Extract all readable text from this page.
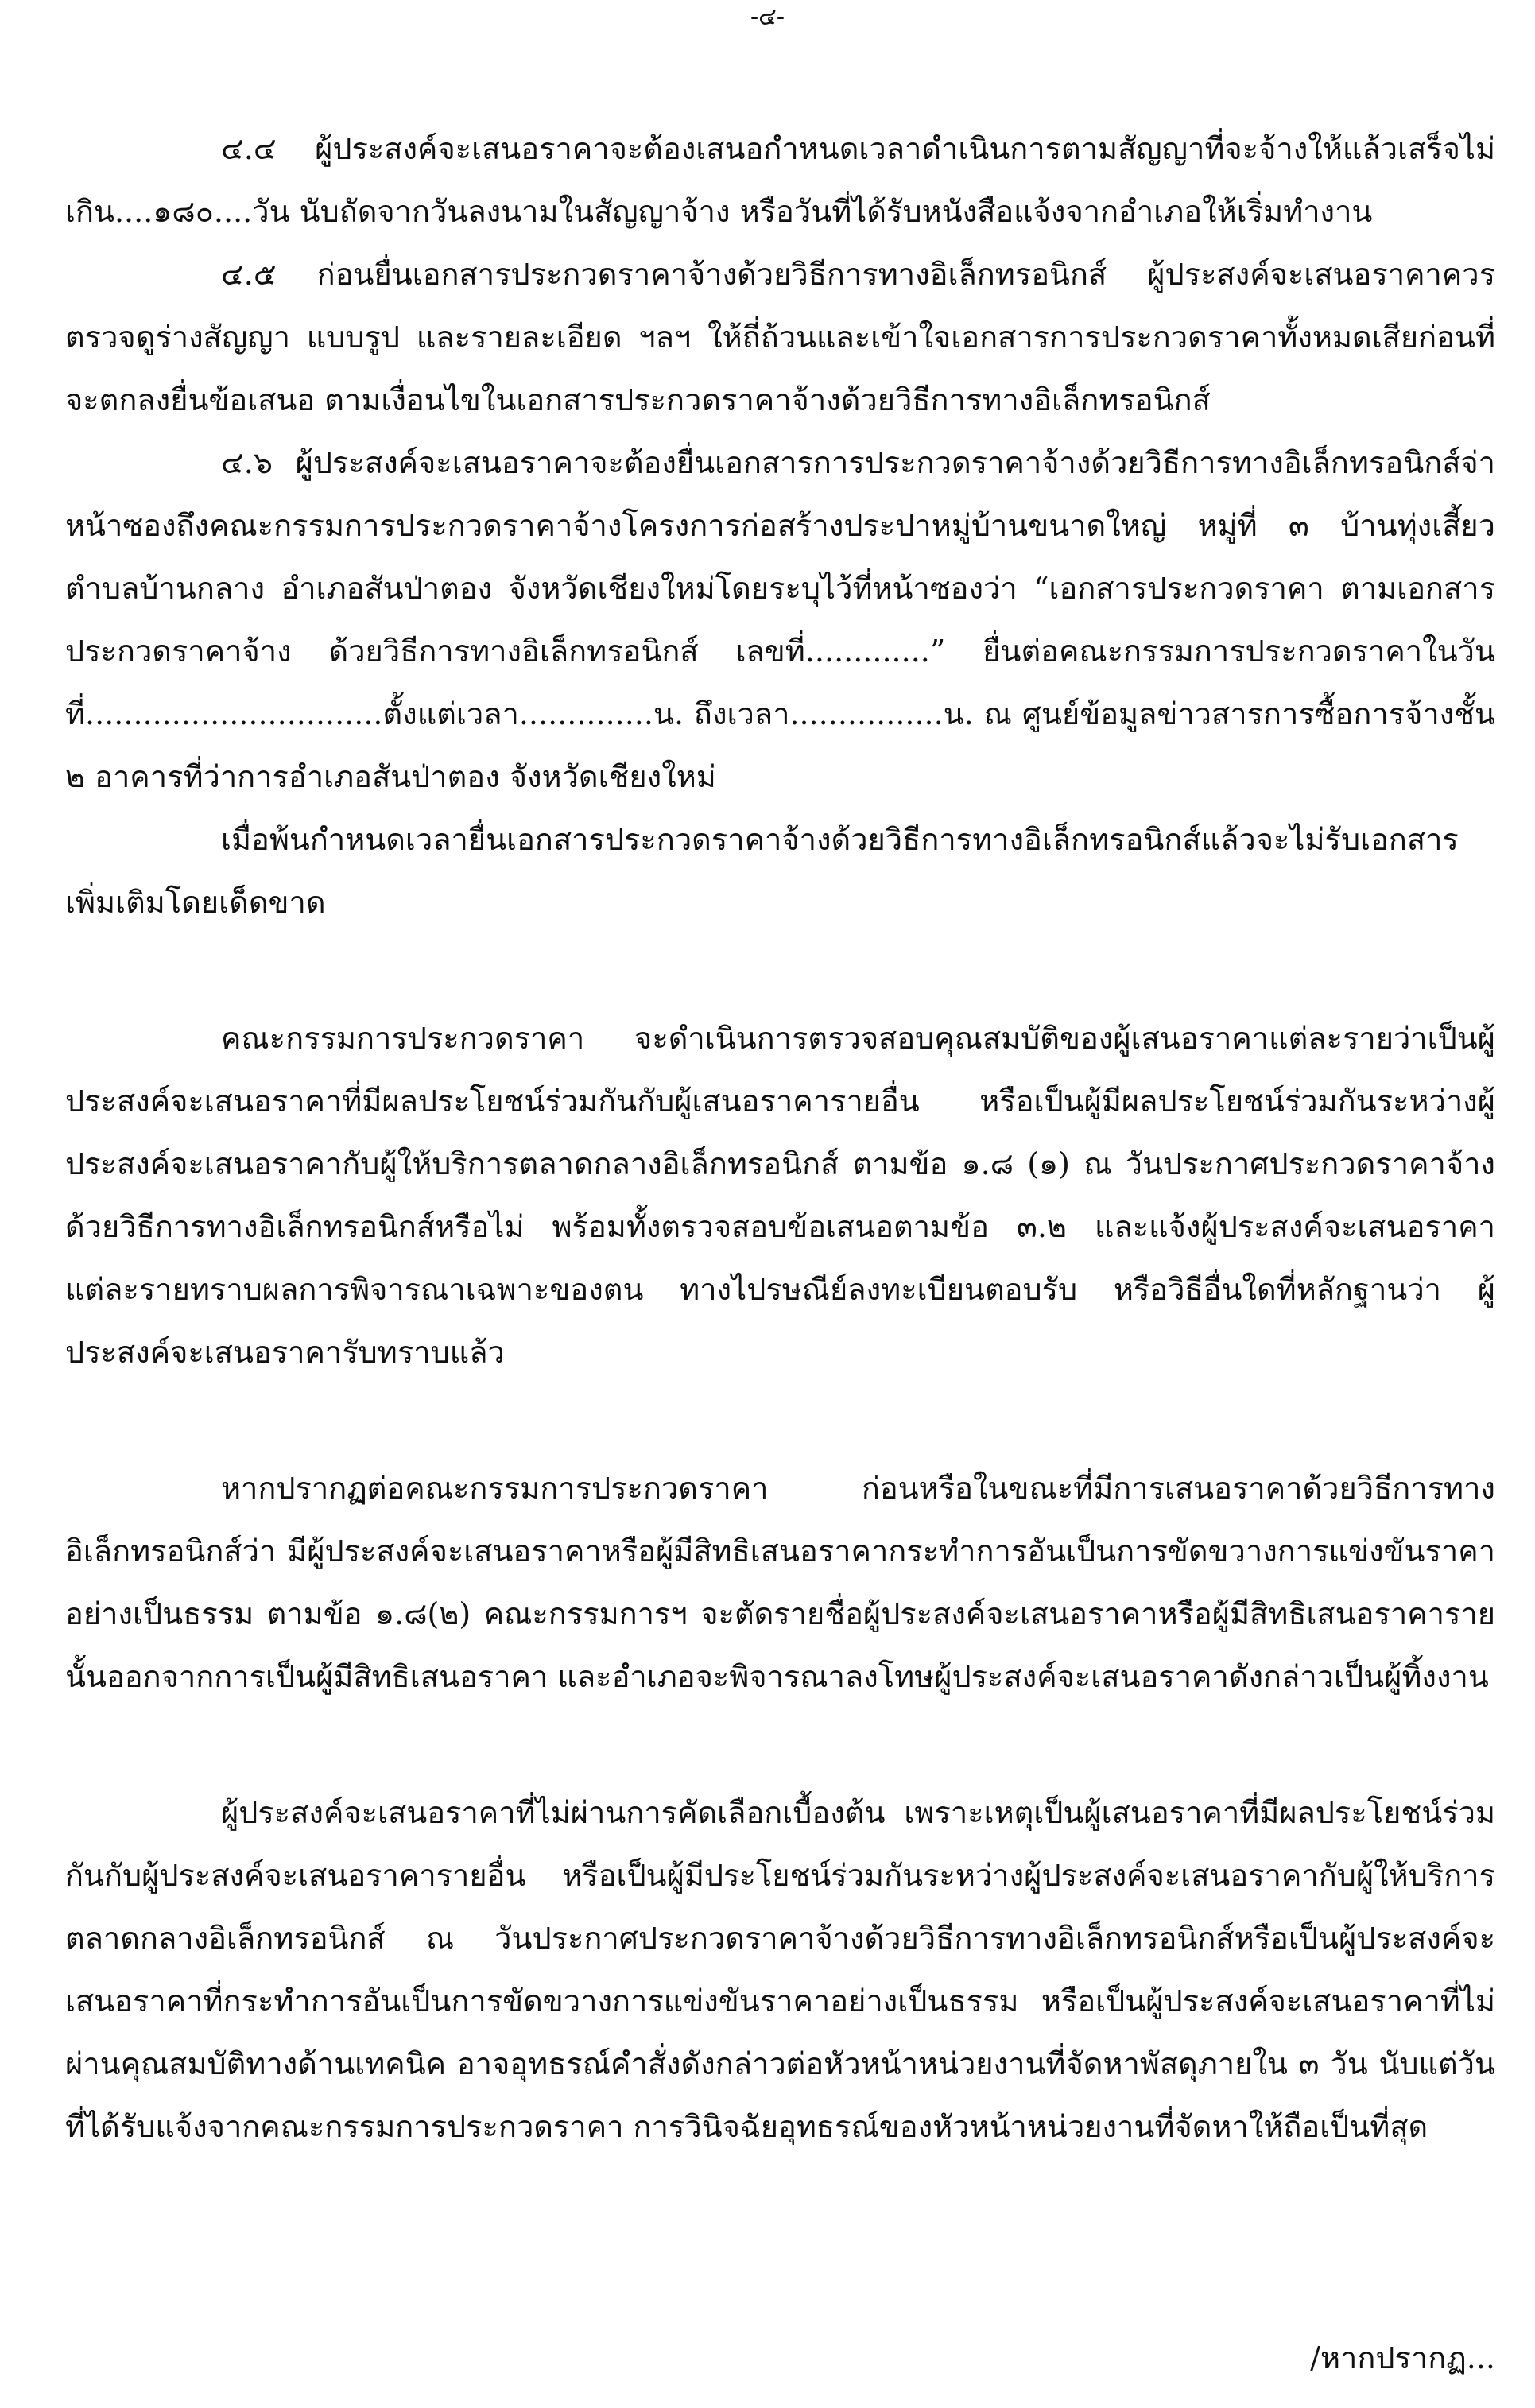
-๔-

๔.๔ ผู้ประสงค์จะเสนอราคาจะต้องเสนอกำหนดเวลาดำเนินการตามสัญญาที่จะจ้างให้แล้วเสร็จไม่เกิน....๑๘๐....วัน นับถัดจากวันลงนามในสัญญาจ้าง หรือวันที่ได้รับหนังสือแจ้งจากอำเภอให้เริ่มทำงาน

๔.๕ ก่อนยื่นเอกสารประกวดราคาจ้างด้วยวิธีการทางอิเล็กทรอนิกส์ ผู้ประสงค์จะเสนอราคาควรตรวจดูร่างสัญญา แบบรูป และรายละเอียด ฯลฯ ให้ถี่ถ้วนและเข้าใจเอกสารการประกวดราคาทั้งหมดเสียก่อนที่จะตกลงยื่นข้อเสนอ ตามเงื่อนไขในเอกสารประกวดราคาจ้างด้วยวิธีการทางอิเล็กทรอนิกส์

๔.๖ ผู้ประสงค์จะเสนอราคาจะต้องยื่นเอกสารการประกวดราคาจ้างด้วยวิธีการทางอิเล็กทรอนิกส์จ่าหน้าซองถึงคณะกรรมการประกวดราคาจ้างโครงการก่อสร้างประปาหมู่บ้านขนาดใหญ่ หมู่ที่ ๓ บ้านทุ่งเสี้ยว ตำบลบ้านกลาง อำเภอสันป่าตอง จังหวัดเชียงใหม่โดยระบุไว้ที่หน้าซองว่า “เอกสารประกวดราคา ตามเอกสารประกวดราคาจ้าง ด้วยวิธีการทางอิเล็กทรอนิกส์ เลขที่.............” ยื่นต่อคณะกรรมการประกวดราคาในวันที่...............................ตั้งแต่เวลา..............น. ถึงเวลา................น. ณ ศูนย์ข้อมูลข่าวสารการซื้อการจ้างชั้น ๒ อาคารที่ว่าการอำเภอสันป่าตอง จังหวัดเชียงใหม่

เมื่อพ้นกำหนดเวลายื่นเอกสารประกวดราคาจ้างด้วยวิธีการทางอิเล็กทรอนิกส์แล้วจะไม่รับเอกสารเพิ่มเติมโดยเด็ดขาด

คณะกรรมการประกวดราคา จะดำเนินการตรวจสอบคุณสมบัติของผู้เสนอราคาแต่ละรายว่าเป็นผู้ประสงค์จะเสนอราคาที่มีผลประโยชน์ร่วมกันกับผู้เสนอราคารายอื่น หรือเป็นผู้มีผลประโยชน์ร่วมกันระหว่างผู้ประสงค์จะเสนอราคากับผู้ให้บริการตลาดกลางอิเล็กทรอนิกส์ ตามข้อ ๑.๘ (๑) ณ วันประกาศประกวดราคาจ้างด้วยวิธีการทางอิเล็กทรอนิกส์หรือไม่ พร้อมทั้งตรวจสอบข้อเสนอตามข้อ ๓.๒ และแจ้งผู้ประสงค์จะเสนอราคาแต่ละรายทราบผลการพิจารณาเฉพาะของตน ทางไปรษณีย์ลงทะเบียนตอบรับ หรือวิธีอื่นใดที่หลักฐานว่า ผู้ประสงค์จะเสนอราคารับทราบแล้ว

หากปรากฏต่อคณะกรรมการประกวดราคา ก่อนหรือในขณะที่มีการเสนอราคาด้วยวิธีการทางอิเล็กทรอนิกส์ว่า มีผู้ประสงค์จะเสนอราคาหรือผู้มีสิทธิเสนอราคากระทำการอันเป็นการขัดขวางการแข่งขันราคาอย่างเป็นธรรม ตามข้อ ๑.๘(๒) คณะกรรมการฯ จะตัดรายชื่อผู้ประสงค์จะเสนอราคาหรือผู้มีสิทธิเสนอราคารายนั้นออกจากการเป็นผู้มีสิทธิเสนอราคา และอำเภอจะพิจารณาลงโทษผู้ประสงค์จะเสนอราคาดังกล่าวเป็นผู้ทิ้งงาน

ผู้ประสงค์จะเสนอราคาที่ไม่ผ่านการคัดเลือกเบื้องต้น เพราะเหตุเป็นผู้เสนอราคาที่มีผลประโยชน์ร่วมกันกับผู้ประสงค์จะเสนอราคารายอื่น หรือเป็นผู้มีประโยชน์ร่วมกันระหว่างผู้ประสงค์จะเสนอราคากับผู้ให้บริการตลาดกลางอิเล็กทรอนิกส์ ณ วันประกาศประกวดราคาจ้างด้วยวิธีการทางอิเล็กทรอนิกส์หรือเป็นผู้ประสงค์จะเสนอราคาที่กระทำการอันเป็นการขัดขวางการแข่งขันราคาอย่างเป็นธรรม หรือเป็นผู้ประสงค์จะเสนอราคาที่ไม่ผ่านคุณสมบัติทางด้านเทคนิค อาจอุทธรณ์คำสั่งดังกล่าวต่อหัวหน้าหน่วยงานที่จัดหาพัสดุภายใน ๓ วัน นับแต่วันที่ได้รับแจ้งจากคณะกรรมการประกวดราคา การวินิจฉัยอุทธรณ์ของหัวหน้าหน่วยงานที่จัดหาให้ถือเป็นที่สุด

/หากปรากฏ...
